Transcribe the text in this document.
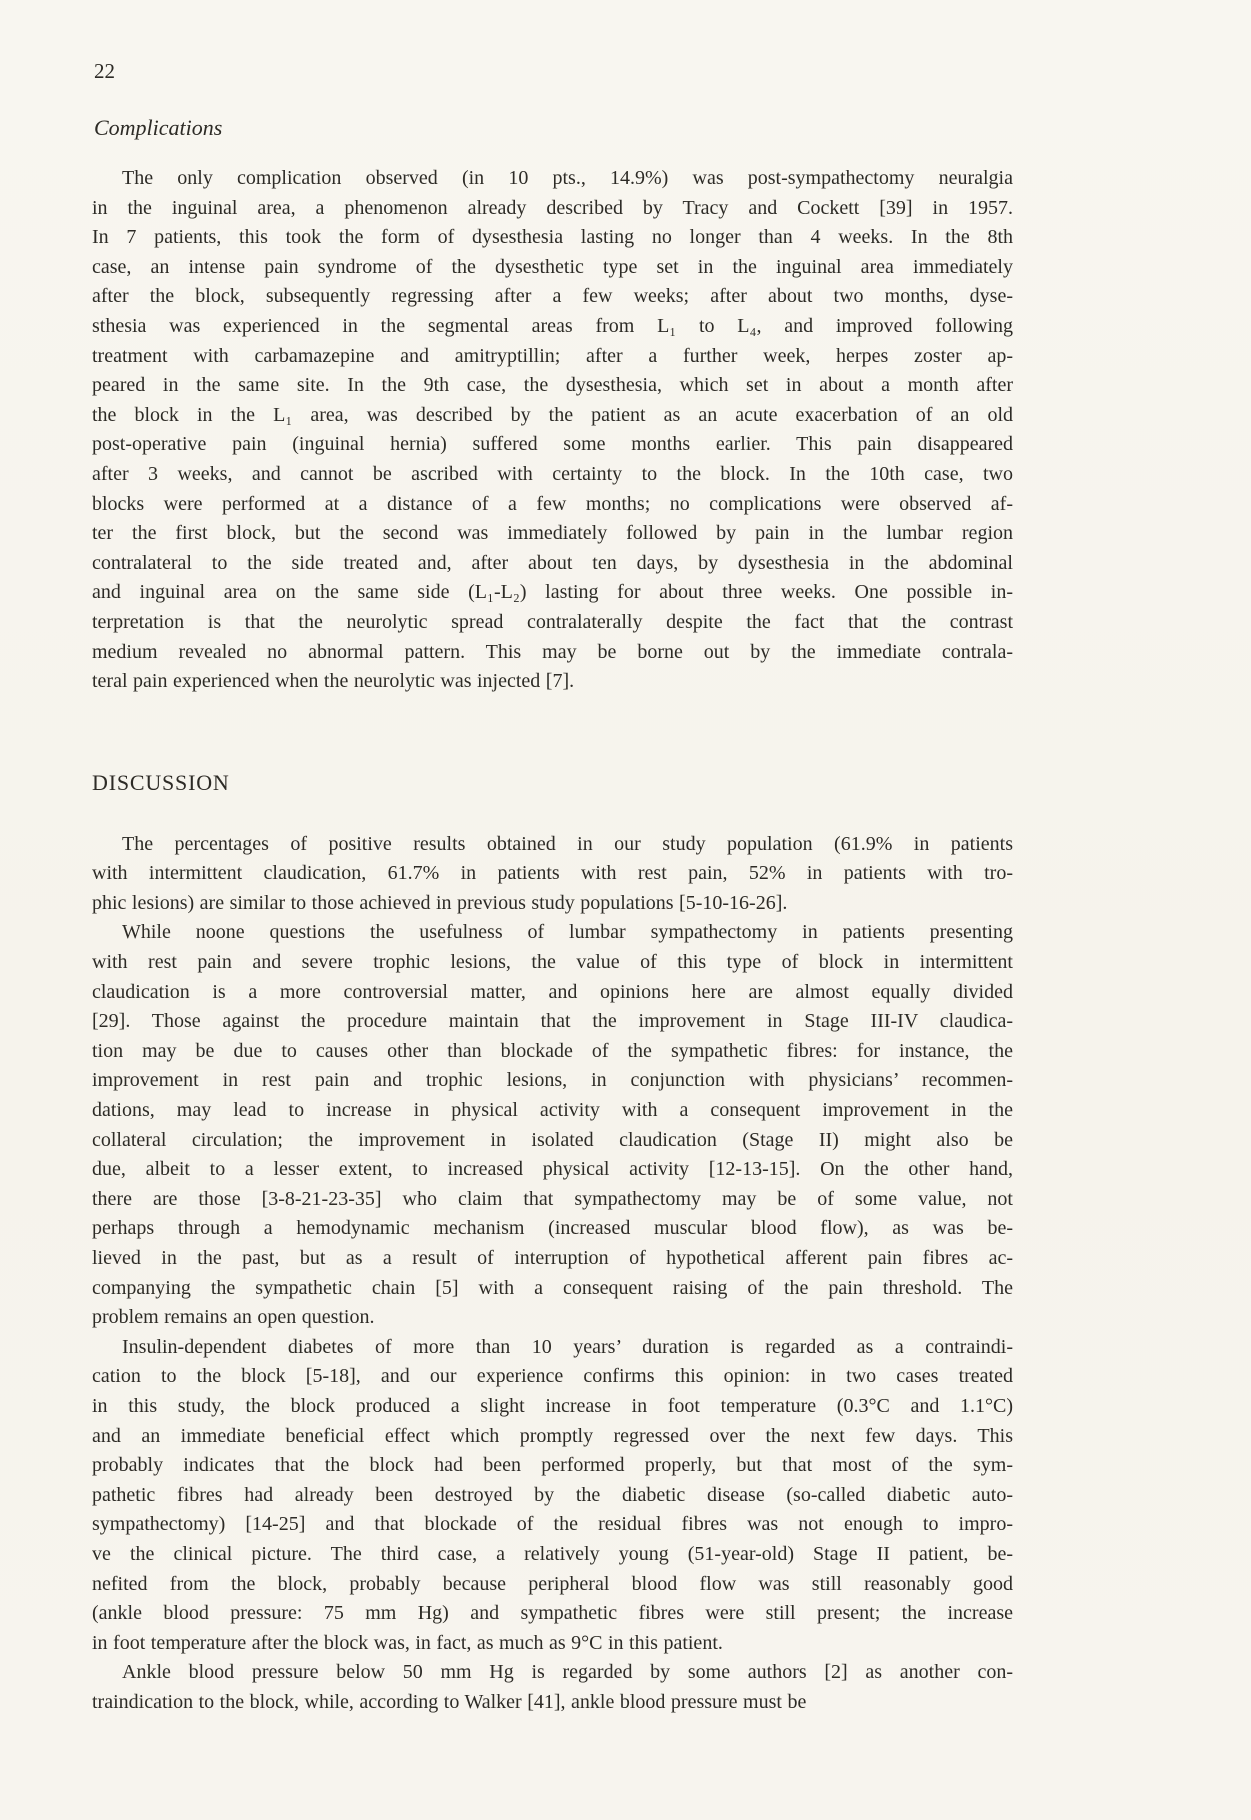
22
Complications
The only complication observed (in 10 pts., 14.9%) was post-sympathectomy neuralgia
in the inguinal area, a phenomenon already described by Tracy and Cockett [39] in 1957.
In 7 patients, this took the form of dysesthesia lasting no longer than 4 weeks. In the 8th
case, an intense pain syndrome of the dysesthetic type set in the inguinal area immediately
after the block, subsequently regressing after a few weeks; after about two months, dyse-
sthesia was experienced in the segmental areas from L₁ to L₄, and improved following
treatment with carbamazepine and amitryptillin; after a further week, herpes zoster ap-
peared in the same site. In the 9th case, the dysesthesia, which set in about a month after
the block in the L₁ area, was described by the patient as an acute exacerbation of an old
post-operative pain (inguinal hernia) suffered some months earlier. This pain disappeared
after 3 weeks, and cannot be ascribed with certainty to the block. In the 10th case, two
blocks were performed at a distance of a few months; no complications were observed af-
ter the first block, but the second was immediately followed by pain in the lumbar region
contralateral to the side treated and, after about ten days, by dysesthesia in the abdominal
and inguinal area on the same side (L₁-L₂) lasting for about three weeks. One possible in-
terpretation is that the neurolytic spread contralaterally despite the fact that the contrast
medium revealed no abnormal pattern. This may be borne out by the immediate contrala-
teral pain experienced when the neurolytic was injected [7].
DISCUSSION
The percentages of positive results obtained in our study population (61.9% in patients
with intermittent claudication, 61.7% in patients with rest pain, 52% in patients with tro-
phic lesions) are similar to those achieved in previous study populations [5-10-16-26].
While noone questions the usefulness of lumbar sympathectomy in patients presenting
with rest pain and severe trophic lesions, the value of this type of block in intermittent
claudication is a more controversial matter, and opinions here are almost equally divided
[29]. Those against the procedure maintain that the improvement in Stage III-IV claudica-
tion may be due to causes other than blockade of the sympathetic fibres: for instance, the
improvement in rest pain and trophic lesions, in conjunction with physicians’ recommen-
dations, may lead to increase in physical activity with a consequent improvement in the
collateral circulation; the improvement in isolated claudication (Stage II) might also be
due, albeit to a lesser extent, to increased physical activity [12-13-15]. On the other hand,
there are those [3-8-21-23-35] who claim that sympathectomy may be of some value, not
perhaps through a hemodynamic mechanism (increased muscular blood flow), as was be-
lieved in the past, but as a result of interruption of hypothetical afferent pain fibres ac-
companying the sympathetic chain [5] with a consequent raising of the pain threshold. The
problem remains an open question.
Insulin-dependent diabetes of more than 10 years’ duration is regarded as a contraindi-
cation to the block [5-18], and our experience confirms this opinion: in two cases treated
in this study, the block produced a slight increase in foot temperature (0.3°C and 1.1°C)
and an immediate beneficial effect which promptly regressed over the next few days. This
probably indicates that the block had been performed properly, but that most of the sym-
pathetic fibres had already been destroyed by the diabetic disease (so-called diabetic auto-
sympathectomy) [14-25] and that blockade of the residual fibres was not enough to impro-
ve the clinical picture. The third case, a relatively young (51-year-old) Stage II patient, be-
nefited from the block, probably because peripheral blood flow was still reasonably good
(ankle blood pressure: 75 mm Hg) and sympathetic fibres were still present; the increase
in foot temperature after the block was, in fact, as much as 9°C in this patient.
Ankle blood pressure below 50 mm Hg is regarded by some authors [2] as another con-
traindication to the block, while, according to Walker [41], ankle blood pressure must be
